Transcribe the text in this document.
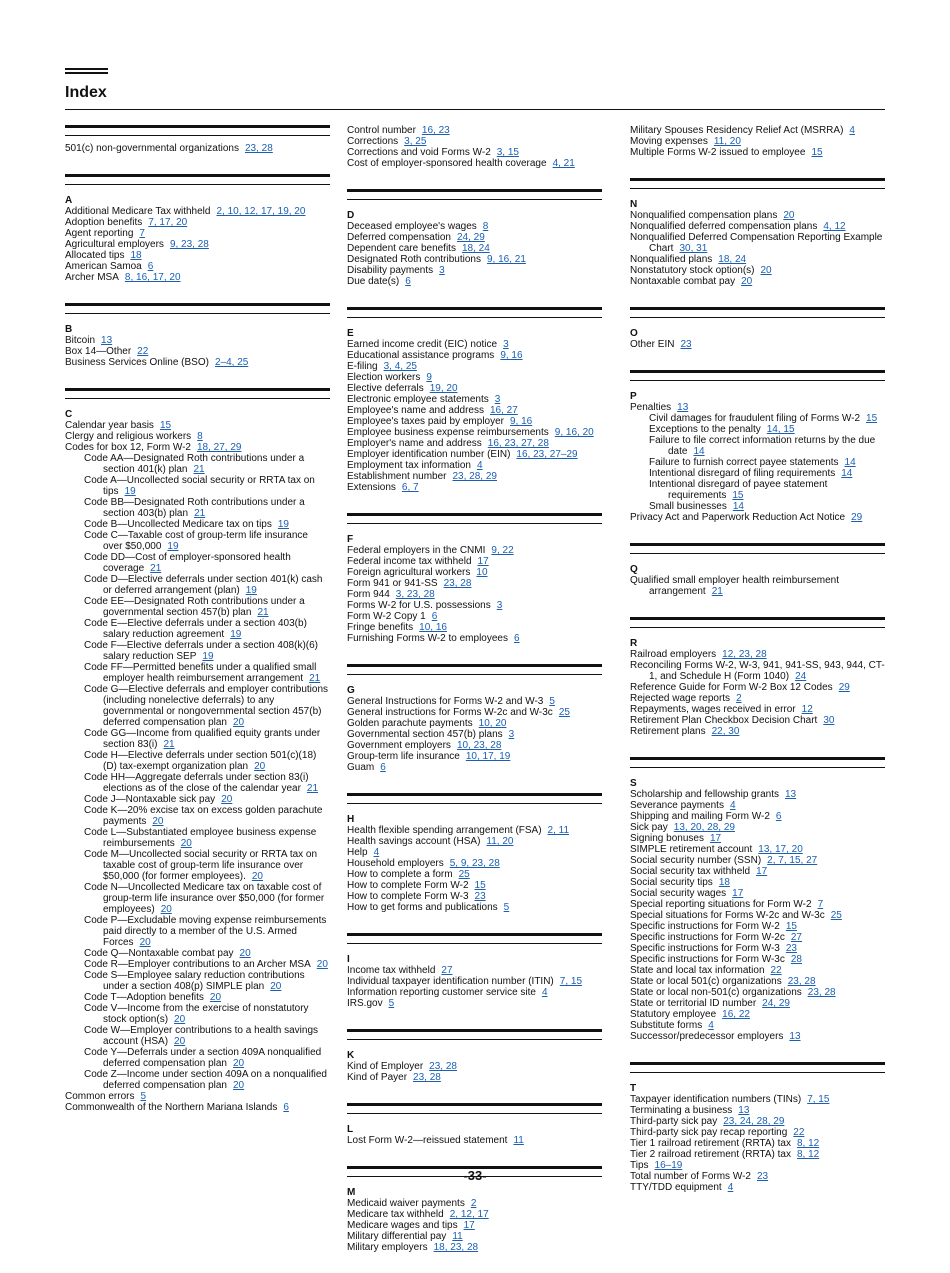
Index
501(c) non-governmental organizations 23, 28
A
Additional Medicare Tax withheld 2, 10, 12, 17, 19, 20
Adoption benefits 7, 17, 20
Agent reporting 7
Agricultural employers 9, 23, 28
Allocated tips 18
American Samoa 6
Archer MSA 8, 16, 17, 20
B
Bitcoin 13
Box 14—Other 22
Business Services Online (BSO) 2–4, 25
C
Calendar year basis 15
Clergy and religious workers 8
Codes for box 12, Form W-2 18, 27, 29
Code AA—Designated Roth contributions under a section 401(k) plan 21
Code A—Uncollected social security or RRTA tax on tips 19
Code BB—Designated Roth contributions under a section 403(b) plan 21
Code B—Uncollected Medicare tax on tips 19
Code C—Taxable cost of group-term life insurance over $50,000 19
Code DD—Cost of employer-sponsored health coverage 21
Code D—Elective deferrals under section 401(k) cash or deferred arrangement (plan) 19
Code EE—Designated Roth contributions under a governmental section 457(b) plan 21
Code E—Elective deferrals under a section 403(b) salary reduction agreement 19
Code F—Elective deferrals under a section 408(k)(6) salary reduction SEP 19
Code FF—Permitted benefits under a qualified small employer health reimbursement arrangement 21
Code G—Elective deferrals and employer contributions (including nonelective deferrals) to any governmental or nongovernmental section 457(b) deferred compensation plan 20
Code GG—Income from qualified equity grants under section 83(i) 21
Code H—Elective deferrals under section 501(c)(18)(D) tax-exempt organization plan 20
Code HH—Aggregate deferrals under section 83(i) elections as of the close of the calendar year 21
Code J—Nontaxable sick pay 20
Code K—20% excise tax on excess golden parachute payments 20
Code L—Substantiated employee business expense reimbursements 20
Code M—Uncollected social security or RRTA tax on taxable cost of group-term life insurance over $50,000 (for former employees). 20
Code N—Uncollected Medicare tax on taxable cost of group-term life insurance over $50,000 (for former employees) 20
Code P—Excludable moving expense reimbursements paid directly to a member of the U.S. Armed Forces 20
Code Q—Nontaxable combat pay 20
Code R—Employer contributions to an Archer MSA 20
Code S—Employee salary reduction contributions under a section 408(p) SIMPLE plan 20
Code T—Adoption benefits 20
Code V—Income from the exercise of nonstatutory stock option(s) 20
Code W—Employer contributions to a health savings account (HSA) 20
Code Y—Deferrals under a section 409A nonqualified deferred compensation plan 20
Code Z—Income under section 409A on a nonqualified deferred compensation plan 20
Common errors 5
Commonwealth of the Northern Mariana Islands 6
Control number 16, 23
Corrections 3, 25
Corrections and void Forms W-2 3, 15
Cost of employer-sponsored health coverage 4, 21
D
Deceased employee's wages 8
Deferred compensation 24, 29
Dependent care benefits 18, 24
Designated Roth contributions 9, 16, 21
Disability payments 3
Due date(s) 6
E
Earned income credit (EIC) notice 3
Educational assistance programs 9, 16
E-filing 3, 4, 25
Election workers 9
Elective deferrals 19, 20
Electronic employee statements 3
Employee's name and address 16, 27
Employee's taxes paid by employer 9, 16
Employee business expense reimbursements 9, 16, 20
Employer's name and address 16, 23, 27, 28
Employer identification number (EIN) 16, 23, 27–29
Employment tax information 4
Establishment number 23, 28, 29
Extensions 6, 7
F
Federal employers in the CNMI 9, 22
Federal income tax withheld 17
Foreign agricultural workers 10
Form 941 or 941-SS 23, 28
Form 944 3, 23, 28
Forms W-2 for U.S. possessions 3
Form W-2 Copy 1 6
Fringe benefits 10, 16
Furnishing Forms W-2 to employees 6
G
General Instructions for Forms W-2 and W-3 5
General instructions for Forms W-2c and W-3c 25
Golden parachute payments 10, 20
Governmental section 457(b) plans 3
Government employers 10, 23, 28
Group-term life insurance 10, 17, 19
Guam 6
H
Health flexible spending arrangement (FSA) 2, 11
Health savings account (HSA) 11, 20
Help 4
Household employers 5, 9, 23, 28
How to complete a form 25
How to complete Form W-2 15
How to complete Form W-3 23
How to get forms and publications 5
I
Income tax withheld 27
Individual taxpayer identification number (ITIN) 7, 15
Information reporting customer service site 4
IRS.gov 5
K
Kind of Employer 23, 28
Kind of Payer 23, 28
L
Lost Form W-2—reissued statement 11
M
Medicaid waiver payments 2
Medicare tax withheld 2, 12, 17
Medicare wages and tips 17
Military differential pay 11
Military employers 18, 23, 28
Military Spouses Residency Relief Act (MSRRA) 4
Moving expenses 11, 20
Multiple Forms W-2 issued to employee 15
N
Nonqualified compensation plans 20
Nonqualified deferred compensation plans 4, 12
Nonqualified Deferred Compensation Reporting Example Chart 30, 31
Nonqualified plans 18, 24
Nonstatutory stock option(s) 20
Nontaxable combat pay 20
O
Other EIN 23
P
Penalties 13
Civil damages for fraudulent filing of Forms W-2 15
Exceptions to the penalty 14, 15
Failure to file correct information returns by the due date 14
Failure to furnish correct payee statements 14
Intentional disregard of filing requirements 14
Intentional disregard of payee statement requirements 15
Small businesses 14
Privacy Act and Paperwork Reduction Act Notice 29
Q
Qualified small employer health reimbursement arrangement 21
R
Railroad employers 12, 23, 28
Reconciling Forms W-2, W-3, 941, 941-SS, 943, 944, CT-1, and Schedule H (Form 1040) 24
Reference Guide for Form W-2 Box 12 Codes 29
Rejected wage reports 2
Repayments, wages received in error 12
Retirement Plan Checkbox Decision Chart 30
Retirement plans 22, 30
S
Scholarship and fellowship grants 13
Severance payments 4
Shipping and mailing Form W-2 6
Sick pay 13, 20, 28, 29
Signing bonuses 17
SIMPLE retirement account 13, 17, 20
Social security number (SSN) 2, 7, 15, 27
Social security tax withheld 17
Social security tips 18
Social security wages 17
Special reporting situations for Form W-2 7
Special situations for Forms W-2c and W-3c 25
Specific instructions for Form W-2 15
Specific instructions for Form W-2c 27
Specific instructions for Form W-3 23
Specific instructions for Form W-3c 28
State and local tax information 22
State or local 501(c) organizations 23, 28
State or local non-501(c) organizations 23, 28
State or territorial ID number 24, 29
Statutory employee 16, 22
Substitute forms 4
Successor/predecessor employers 13
T
Taxpayer identification numbers (TINs) 7, 15
Terminating a business 13
Third-party sick pay 23, 24, 28, 29
Third-party sick pay recap reporting 22
Tier 1 railroad retirement (RRTA) tax 8, 12
Tier 2 railroad retirement (RRTA) tax 8, 12
Tips 16–19
Total number of Forms W-2 23
TTY/TDD equipment 4
-33-
